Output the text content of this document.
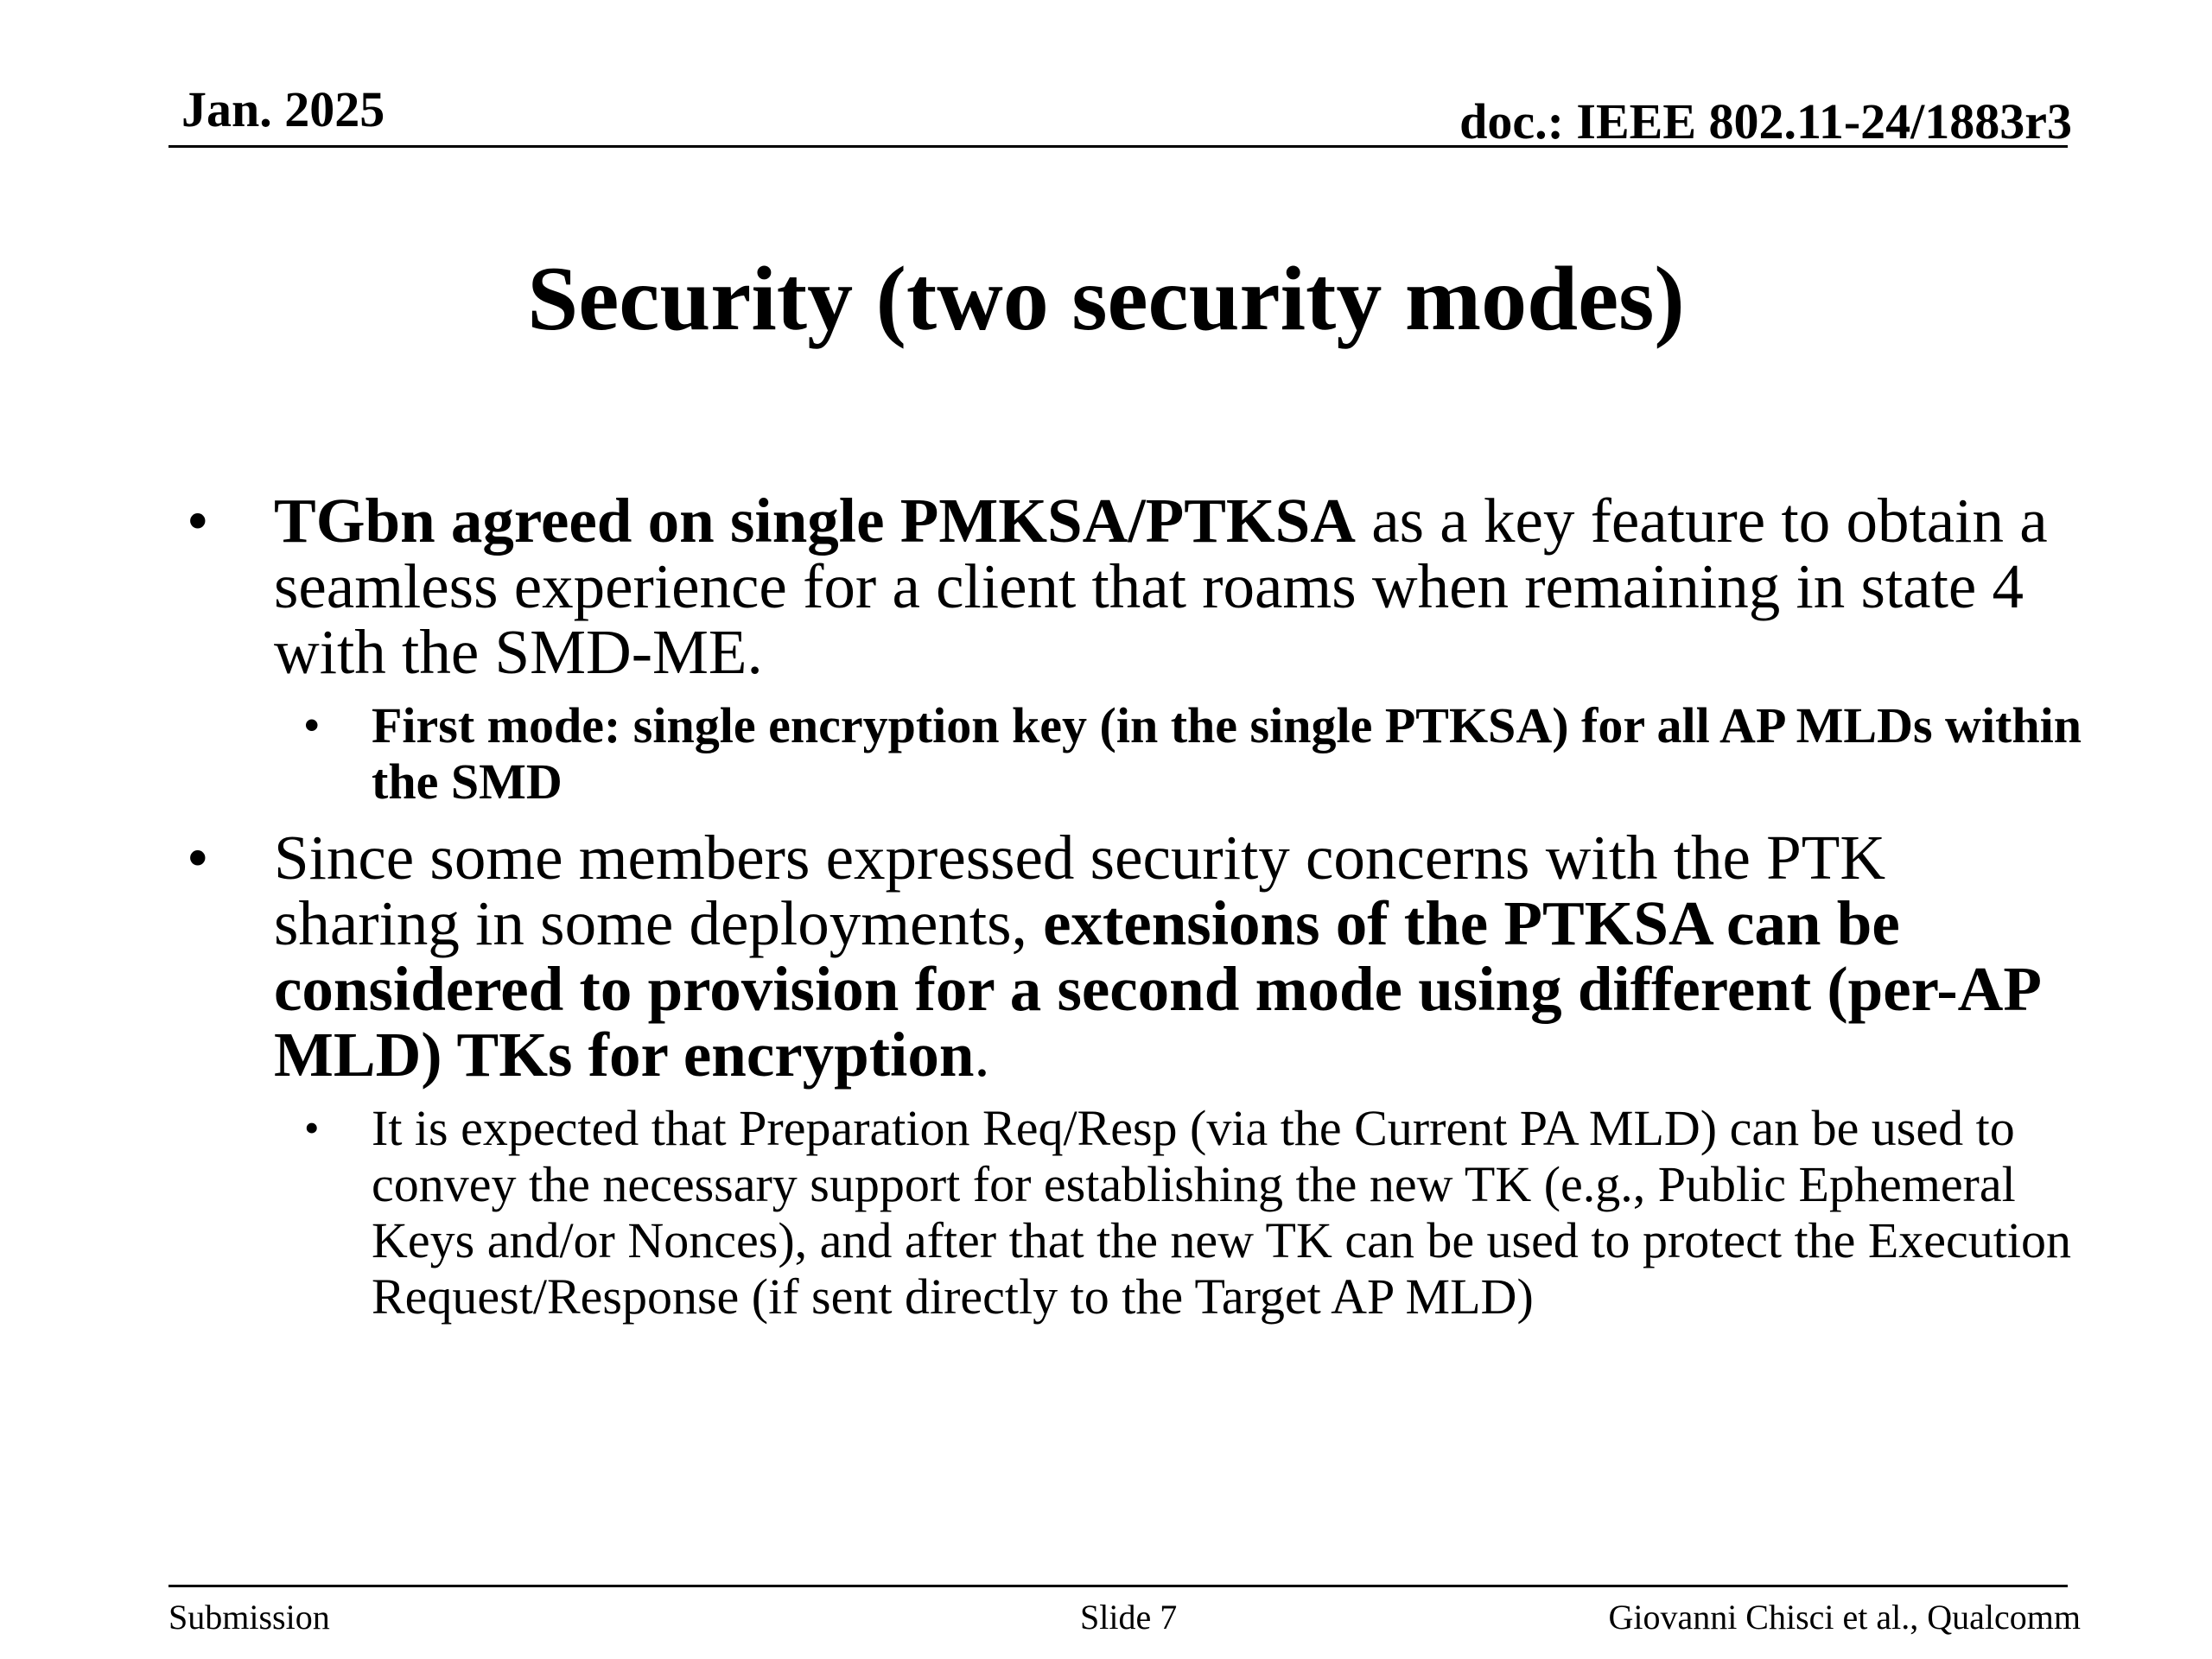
Jan. 2025	doc.: IEEE 802.11-24/1883r3
Security (two security modes)
• TGbn agreed on single PMKSA/PTKSA as a key feature to obtain a seamless experience for a client that roams when remaining in state 4 with the SMD-ME.
• First mode: single encryption key (in the single PTKSA) for all AP MLDs within the SMD
• Since some members expressed security concerns with the PTK sharing in some deployments, extensions of the PTKSA can be considered to provision for a second mode using different (per-AP MLD) TKs for encryption.
• It is expected that Preparation Req/Resp (via the Current PA MLD) can be used to convey the necessary support for establishing the new TK (e.g., Public Ephemeral Keys and/or Nonces), and after that the new TK can be used to protect the Execution Request/Response (if sent directly to the Target AP MLD)
Submission	Slide 7	Giovanni Chisci et al., Qualcomm
